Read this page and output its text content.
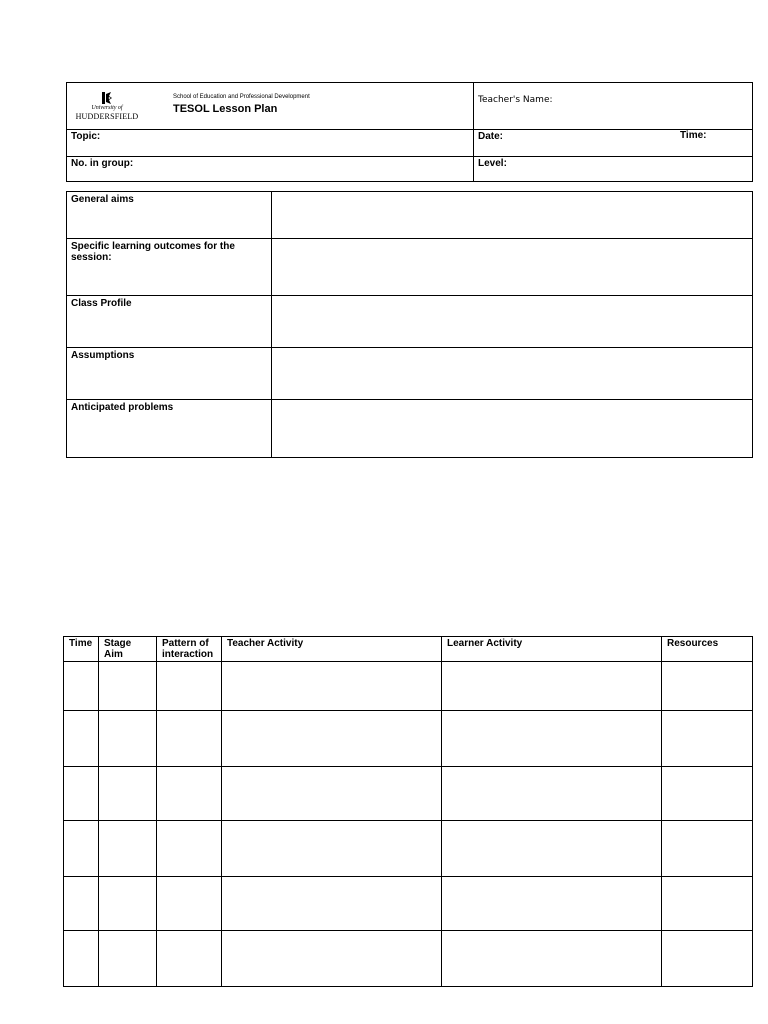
University of
HUDDERSFIELD
School of Education and Professional Development
TESOL Lesson Plan	Teacher's Name:
Topic:	Date: Time:

No. in group:	Level:
General aims	
Specific learning outcomes for the session:	
Class Profile	
Assumptions	
Anticipated problems	
Time	Stage Aim	Pattern of interaction	Teacher Activity	Learner Activity	Resources
